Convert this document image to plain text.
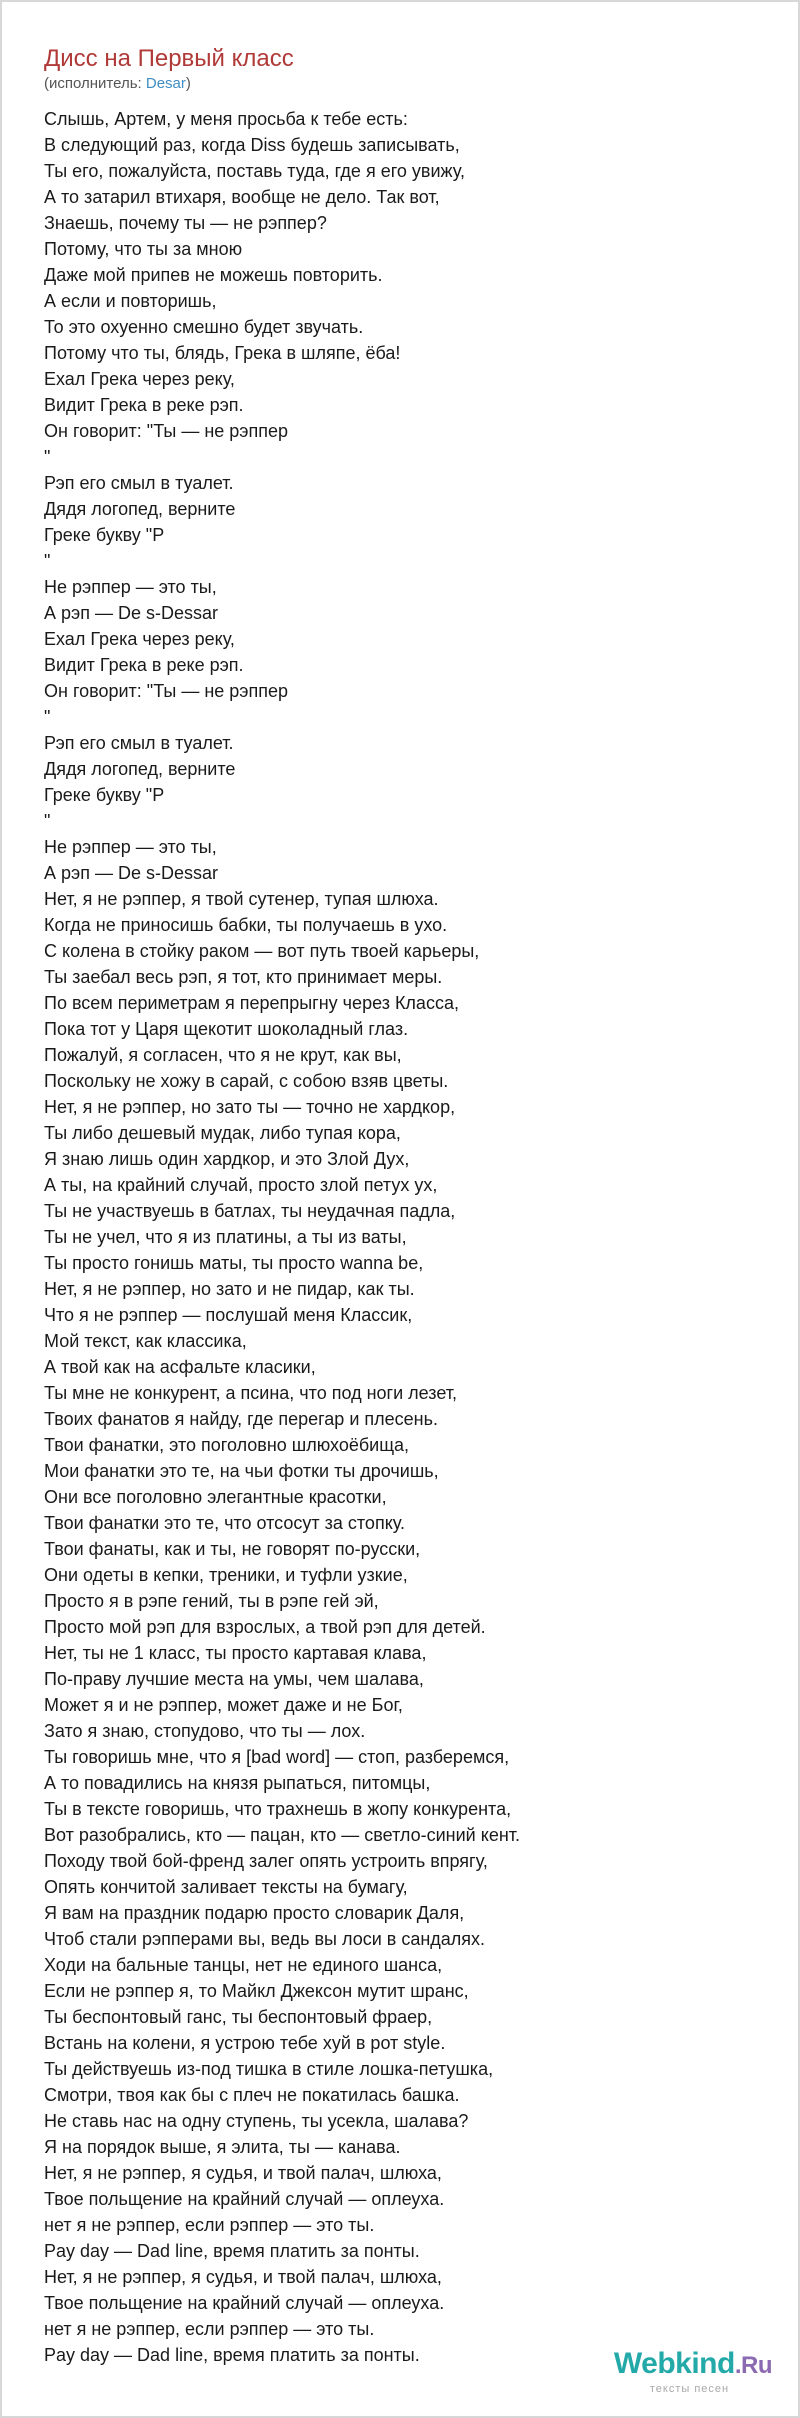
Дисс на Первый класс
(исполнитель: Desar)
Слышь, Артем, у меня просьба к тебе есть:
В следующий раз, когда Diss будешь записывать,
Ты его, пожалуйста, поставь туда, где я его увижу,
А то затарил втихаря, вообще не дело. Так вот,
Знаешь, почему ты — не рэппер?
Потому, что ты за мною
Даже мой припев не можешь повторить.
А если и повторишь,
То это охуенно смешно будет звучать.
Потому что ты, блядь, Грека в шляпе, ёба!
Ехал Грека через реку,
Видит Грека в реке рэп.
Он говорит: "Ты — не рэппер
"
Рэп его смыл в туалет.
Дядя логопед, верните
Греке букву "Р
"
Не рэппер — это ты,
А рэп — De s-Dessar
Ехал Грека через реку,
Видит Грека в реке рэп.
Он говорит: "Ты — не рэппер
"
Рэп его смыл в туалет.
Дядя логопед, верните
Греке букву "Р
"
Не рэппер — это ты,
А рэп — De s-Dessar
Нет, я не рэппер, я твой сутенер, тупая шлюха.
Когда не приносишь бабки, ты получаешь в ухо.
С колена в стойку раком — вот путь твоей карьеры,
Ты заебал весь рэп, я тот, кто принимает меры.
По всем периметрам я перепрыгну через Класса,
Пока тот у Царя щекотит шоколадный глаз.
Пожалуй, я согласен, что я не крут, как вы,
Поскольку не хожу в сарай, с собою взяв цветы.
Нет, я не рэппер, но зато ты — точно не хардкор,
Ты либо дешевый мудак, либо тупая кора,
Я знаю лишь один хардкор, и это Злой Дух,
А ты, на крайний случай, просто злой петух ух,
Ты не участвуешь в батлах, ты неудачная падла,
Ты не учел, что я из платины, а ты из ваты,
Ты просто гонишь маты, ты просто wanna be,
Нет, я не рэппер, но зато и не пидар, как ты.
Что я не рэппер — послушай меня Классик,
Мой текст, как классика,
А твой как на асфальте класики,
Ты мне не конкурент, а псина, что под ноги лезет,
Твоих фанатов я найду, где перегар и плесень.
Твои фанатки, это поголовно шлюхоёбища,
Мои фанатки это те, на чьи фотки ты дрочишь,
Они все поголовно элегантные красотки,
Твои фанатки это те, что отсосут за стопку.
Твои фанаты, как и ты, не говорят по-русски,
Они одеты в кепки, треники, и туфли узкие,
Просто я в рэпе гений, ты в рэпе гей эй,
Просто мой рэп для взрослых, а твой рэп для детей.
Нет, ты не 1 класс, ты просто картавая клава,
По-праву лучшие места на умы, чем шалава,
Может я и не рэппер, может даже и не Бог,
Зато я знаю, стопудово, что ты — лох.
Ты говоришь мне, что я [bad word] — стоп, разберемся,
А то повадились на князя рыпаться, питомцы,
Ты в тексте говоришь, что трахнешь в жопу конкурента,
Вот разобрались, кто — пацан, кто — светло-синий кент.
Походу твой бой-френд залег опять устроить впрягу,
Опять кончитой заливает тексты на бумагу,
Я вам на праздник подарю просто словарик Даля,
Чтоб стали рэпперами вы, ведь вы лоси в сандалях.
Ходи на бальные танцы, нет не единого шанса,
Если не рэппер я, то Майкл Джексон мутит шранс,
Ты беспонтовый ганс, ты беспонтовый фраер,
Встань на колени, я устрою тебе хуй в рот style.
Ты действуешь из-под тишка в стиле лошка-петушка,
Смотри, твоя как бы с плеч не покатилась башка.
Не ставь нас на одну ступень, ты усекла, шалава?
Я на порядок выше, я элита, ты — канава.
Нет, я не рэппер, я судья, и твой палач, шлюха,
Твое польщение на крайний случай — оплеуха.
нет я не рэппер, если рэппер — это ты.
Pay day — Dad line, время платить за понты.
Нет, я не рэппер, я судья, и твой палач, шлюха,
Твое польщение на крайний случай — оплеуха.
нет я не рэппер, если рэппер — это ты.
Pay day — Dad line, время платить за понты.	Webkind.Ru
тексты песен
